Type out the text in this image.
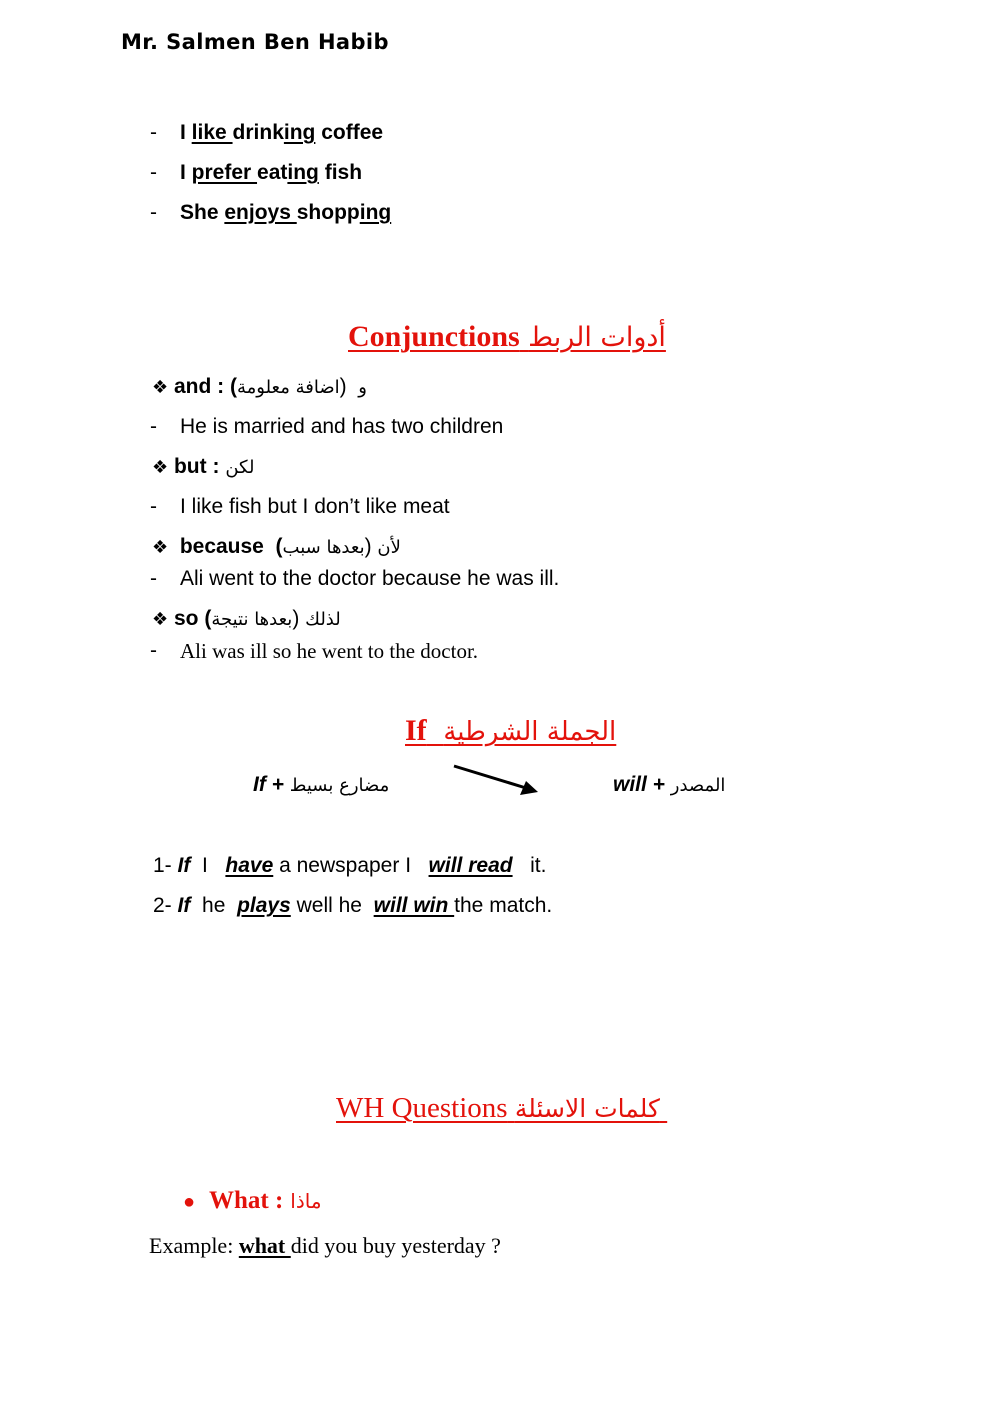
Mr. Salmen Ben Habib
- I like drinking coffee
- I prefer eating fish
- She enjoys shopping
Conjunctions أدوات الربط
❖ and : (اضافة معلومة) و
- He is married and has two children
❖ but : لكن
- I like fish but I don’t like meat
❖ because (بعدها سبب) لأن
- Ali went to the doctor because he was ill.
❖ so (بعدها نتيجة) لذلك
- Ali was ill so he went to the doctor.
If الجملة الشرطية
If + مضارع بسيط	will + المصدر
1- If I have a newspaper I will read it.
2- If he plays well he will win the match.
WH Questions كلمات الاسئلة
● What : ماذا
Example: what did you buy yesterday ?
